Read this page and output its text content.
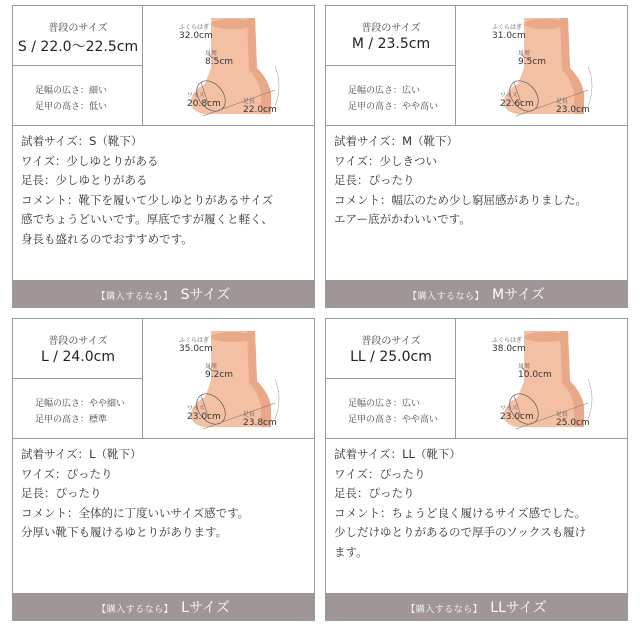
普段のサイズ
S / 22.0〜22.5cm
足幅の広さ：細い
足甲の高さ：低い
ふくらはぎ
32.0cm
足周
8.5cm
ワイズ
20.8cm	足長
22.0cm
試着サイズ：S（靴下）
ワイズ：少しゆとりがある
足長：少しゆとりがある
コメント：靴下を履いて少しゆとりがあるサイズ
感でちょうどいいです。厚底ですが履くと軽く、
身長も盛れるのでおすすめです。
【購入するなら】 Sサイズ
普段のサイズ
M / 23.5cm
足幅の広さ：広い
足甲の高さ：やや高い
ふくらはぎ
31.0cm
足周
9.5cm
ワイズ
22.6cm	足長
23.0cm
試着サイズ：M（靴下）
ワイズ：少しきつい
足長：ぴったり
コメント：幅広のため少し窮屈感がありました。
エアー底がかわいいです。
【購入するなら】 Mサイズ
普段のサイズ
L / 24.0cm
足幅の広さ：やや細い
足甲の高さ：標準
ふくらはぎ
35.0cm
足周
9.2cm
ワイズ
23.0cm	足長
23.8cm
試着サイズ：L（靴下）
ワイズ：ぴったり
足長：ぴったり
コメント：全体的に丁度いいサイズ感です。
分厚い靴下も履けるゆとりがあります。
【購入するなら】 Lサイズ
普段のサイズ
LL / 25.0cm
足幅の広さ：広い
足甲の高さ：やや高い
ふくらはぎ
38.0cm
足周
10.0cm
ワイズ
23.0cm	足長
25.0cm
試着サイズ：LL（靴下）
ワイズ：ぴったり
足長：ぴったり
コメント：ちょうど良く履けるサイズ感でした。
少しだけゆとりがあるので厚手のソックスも履け
ます。
【購入するなら】 LLサイズ
